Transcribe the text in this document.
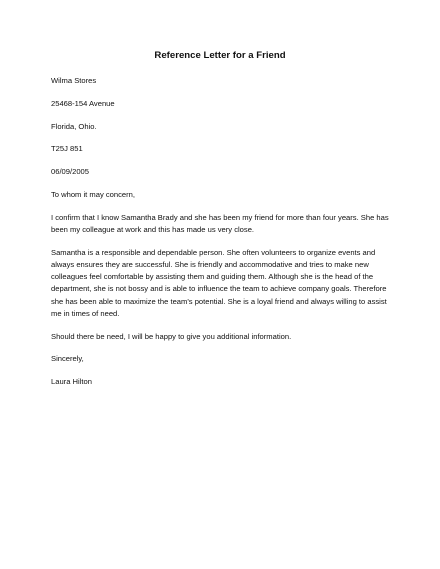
Reference Letter for a Friend

Wilma Stores

25468-154 Avenue

Florida, Ohio.

T25J 851

06/09/2005

To whom it may concern,

I confirm that I know Samantha Brady and she has been my friend for more than four years. She has been my colleague at work and this has made us very close.

Samantha is a responsible and dependable person. She often volunteers to organize events and always ensures they are successful. She is friendly and accommodative and tries to make new colleagues feel comfortable by assisting them and guiding them. Although she is the head of the department, she is not bossy and is able to influence the team to achieve company goals. Therefore she has been able to maximize the team's potential. She is a loyal friend and always willing to assist me in times of need.

Should there be need, I will be happy to give you additional information.

Sincerely,

Laura Hilton
